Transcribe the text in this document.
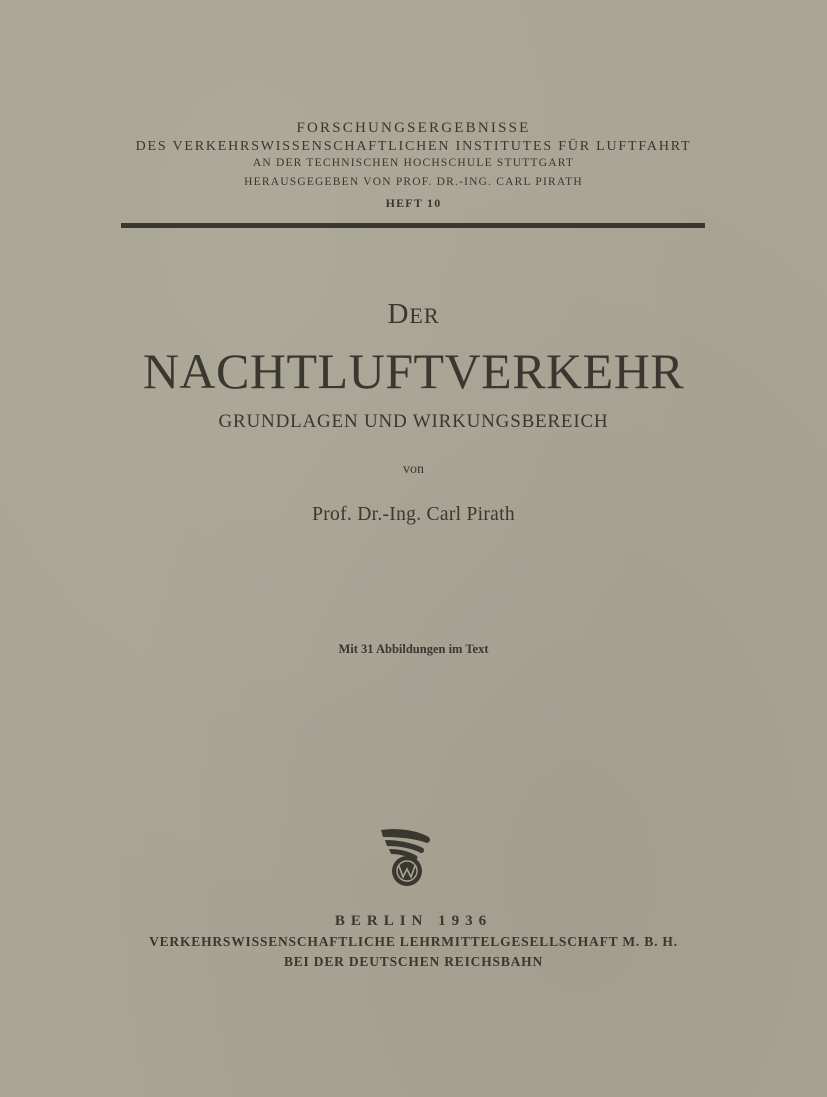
FORSCHUNGSERGEBNISSE
DES VERKEHRSWISSENSCHAFTLICHEN INSTITUTES FÜR LUFTFAHRT
AN DER TECHNISCHEN HOCHSCHULE STUTTGART
HERAUSGEGEBEN VON PROF. DR.-ING. CARL PIRATH
HEFT 10
DER
NACHTLUFTVERKEHR
GRUNDLAGEN UND WIRKUNGSBEREICH
von
Prof. Dr.-Ing. Carl Pirath
Mit 31 Abbildungen im Text
BERLIN 1936
VERKEHRSWISSENSCHAFTLICHE LEHRMITTELGESELLSCHAFT M. B. H.
BEI DER DEUTSCHEN REICHSBAHN
